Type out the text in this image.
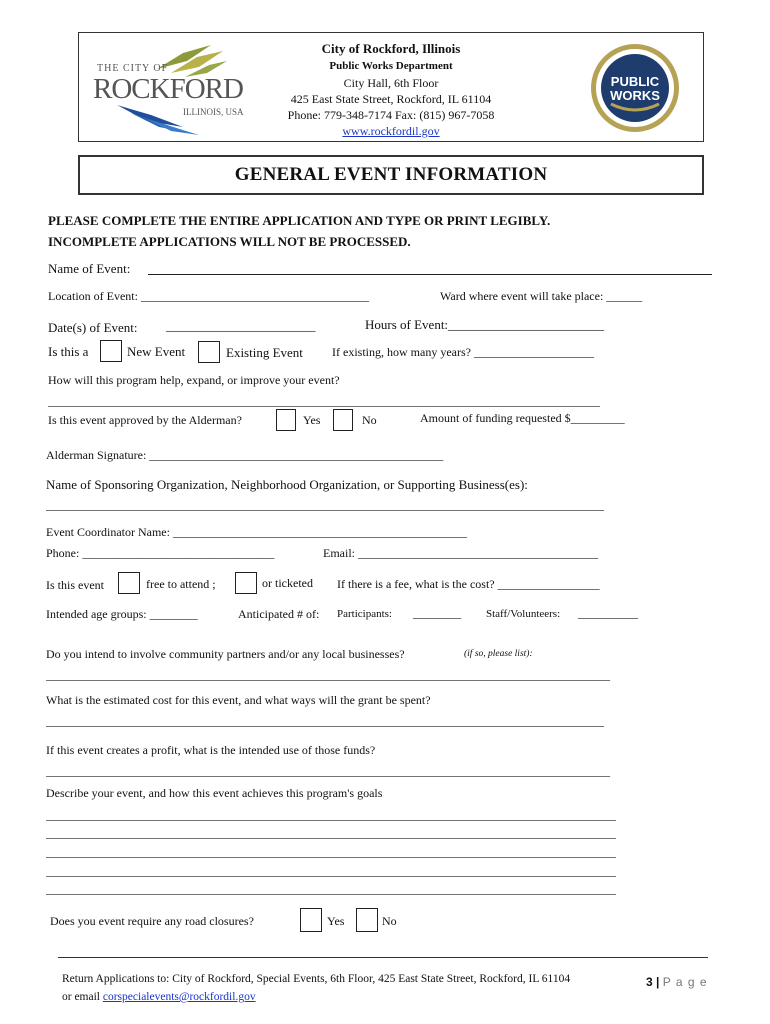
THE CITY OF
ROCKFORD
ILLINOIS, USA
City of Rockford, Illinois
Public Works Department
City Hall, 6th Floor
425 East State Street, Rockford, IL 61104
Phone: 779-348-7174 Fax: (815) 967-7058
www.rockfordil.gov
PUBLIC
WORKS
GENERAL EVENT INFORMATION
PLEASE COMPLETE THE ENTIRE APPLICATION AND TYPE OR PRINT LEGIBLY.
INCOMPLETE APPLICATIONS WILL NOT BE PROCESSED.
Name of Event:
Location of Event: ______________________________________	Ward where event will take place: ______
Date(s) of Event: _______________________	Hours of Event:________________________
Is this a	New Event	Existing Event If existing, how many years? ____________________
How will this program help, expand, or improve your event?
____________________________________________________________________________________________
Is this event approved by the Alderman?	Yes	No	Amount of funding requested $_________
Alderman Signature: _________________________________________________
Name of Sponsoring Organization, Neighborhood Organization, or Supporting Business(es):
_____________________________________________________________________________________________
Event Coordinator Name: _________________________________________________
Phone: ________________________________	Email: ________________________________________
Is this event	free to attend ;	or ticketed If there is a fee, what is the cost? _________________
Intended age groups: ________	Anticipated # of: Participants: ________ Staff/Volunteers: __________
Do you intend to involve community partners and/or any local businesses?	(if so, please list):
______________________________________________________________________________________________
What is the estimated cost for this event, and what ways will the grant be spent?
_____________________________________________________________________________________________
If this event creates a profit, what is the intended use of those funds?
______________________________________________________________________________________________
Describe your event, and how this event achieves this program's goals
_______________________________________________________________________________________________
_______________________________________________________________________________________________
_______________________________________________________________________________________________
_______________________________________________________________________________________________
_______________________________________________________________________________________________
Does you event require any road closures?	Yes	No
Return Applications to: City of Rockford, Special Events, 6th Floor, 425 East State Street, Rockford, IL 61104
or email corspecialevents@rockfordil.gov
3 | P a g e
